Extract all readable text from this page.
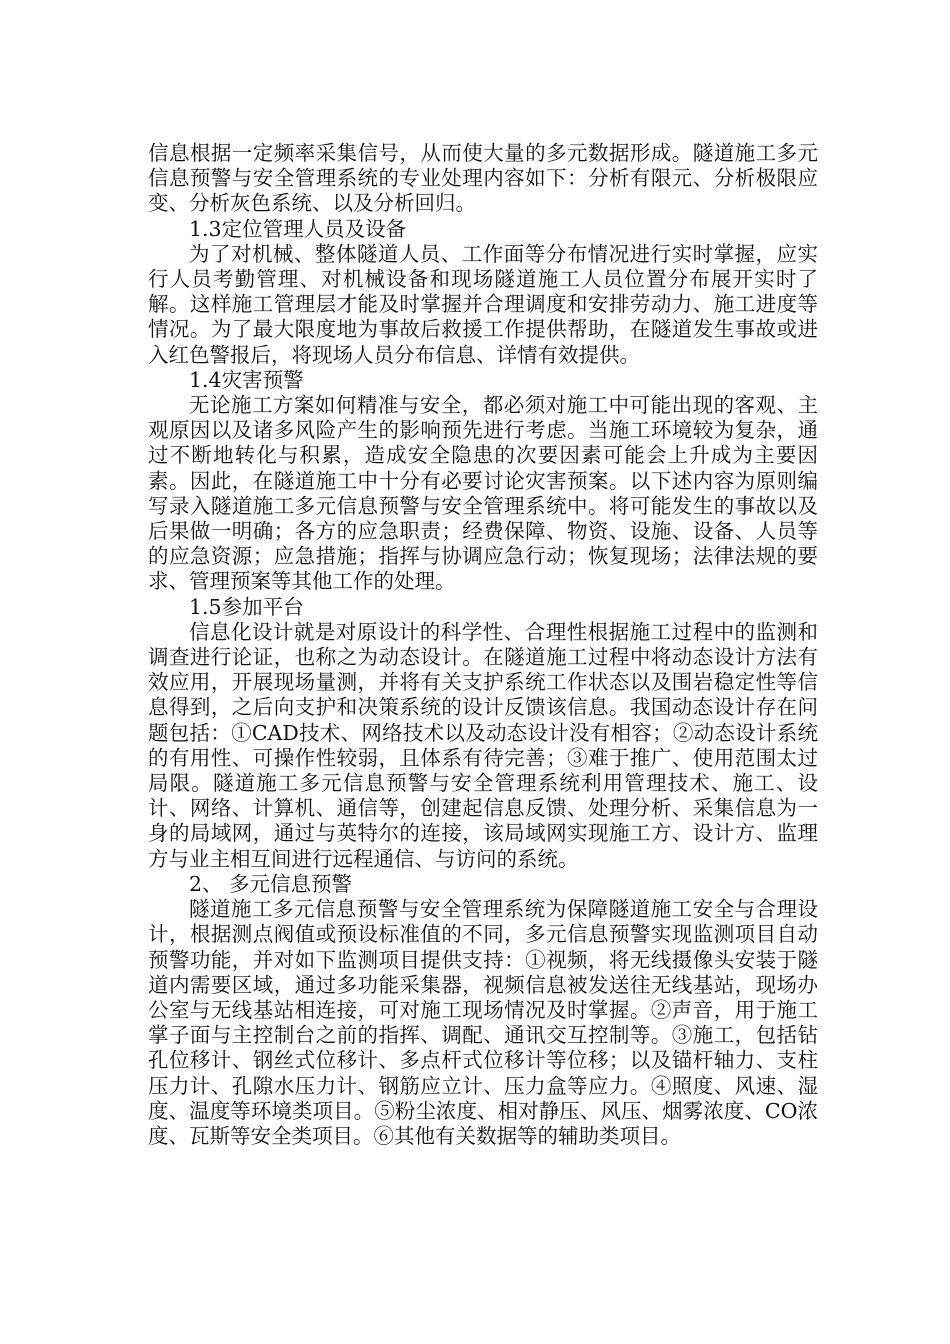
信息根据一定频率采集信号，从而使大量的多元数据形成。隧道施工多元信息预警与安全管理系统的专业处理内容如下：分析有限元、分析极限应变、分析灰色系统、以及分析回归。

1.3定位管理人员及设备

为了对机械、整体隧道人员、工作面等分布情况进行实时掌握，应实行人员考勤管理、对机械设备和现场隧道施工人员位置分布展开实时了解。这样施工管理层才能及时掌握并合理调度和安排劳动力、施工进度等情况。为了最大限度地为事故后救援工作提供帮助，在隧道发生事故或进入红色警报后，将现场人员分布信息、详情有效提供。

1.4灾害预警

无论施工方案如何精准与安全，都必须对施工中可能出现的客观、主观原因以及诸多风险产生的影响预先进行考虑。当施工环境较为复杂，通过不断地转化与积累，造成安全隐患的次要因素可能会上升成为主要因素。因此，在隧道施工中十分有必要讨论灾害预案。以下述内容为原则编写录入隧道施工多元信息预警与安全管理系统中。将可能发生的事故以及后果做一明确；各方的应急职责；经费保障、物资、设施、设备、人员等的应急资源；应急措施；指挥与协调应急行动；恢复现场；法律法规的要求、管理预案等其他工作的处理。

1.5参加平台

信息化设计就是对原设计的科学性、合理性根据施工过程中的监测和调查进行论证，也称之为动态设计。在隧道施工过程中将动态设计方法有效应用，开展现场量测，并将有关支护系统工作状态以及围岩稳定性等信息得到，之后向支护和决策系统的设计反馈该信息。我国动态设计存在问题包括：①CAD技术、网络技术以及动态设计没有相容；②动态设计系统的有用性、可操作性较弱，且体系有待完善；③难于推广、使用范围太过局限。隧道施工多元信息预警与安全管理系统利用管理技术、施工、设计、网络、计算机、通信等，创建起信息反馈、处理分析、采集信息为一身的局域网，通过与英特尔的连接，该局域网实现施工方、设计方、监理方与业主相互间进行远程通信、与访问的系统。

2、 多元信息预警

隧道施工多元信息预警与安全管理系统为保障隧道施工安全与合理设计，根据测点阀值或预设标准值的不同，多元信息预警实现监测项目自动预警功能，并对如下监测项目提供支持：①视频，将无线摄像头安装于隧道内需要区域，通过多功能采集器，视频信息被发送往无线基站，现场办公室与无线基站相连接，可对施工现场情况及时掌握。②声音，用于施工掌子面与主控制台之前的指挥、调配、通讯交互控制等。③施工，包括钻孔位移计、钢丝式位移计、多点杆式位移计等位移；以及锚杆轴力、支柱压力计、孔隙水压力计、钢筋应立计、压力盒等应力。④照度、风速、湿度、温度等环境类项目。⑤粉尘浓度、相对静压、风压、烟雾浓度、CO浓度、瓦斯等安全类项目。⑥其他有关数据等的辅助类项目。
